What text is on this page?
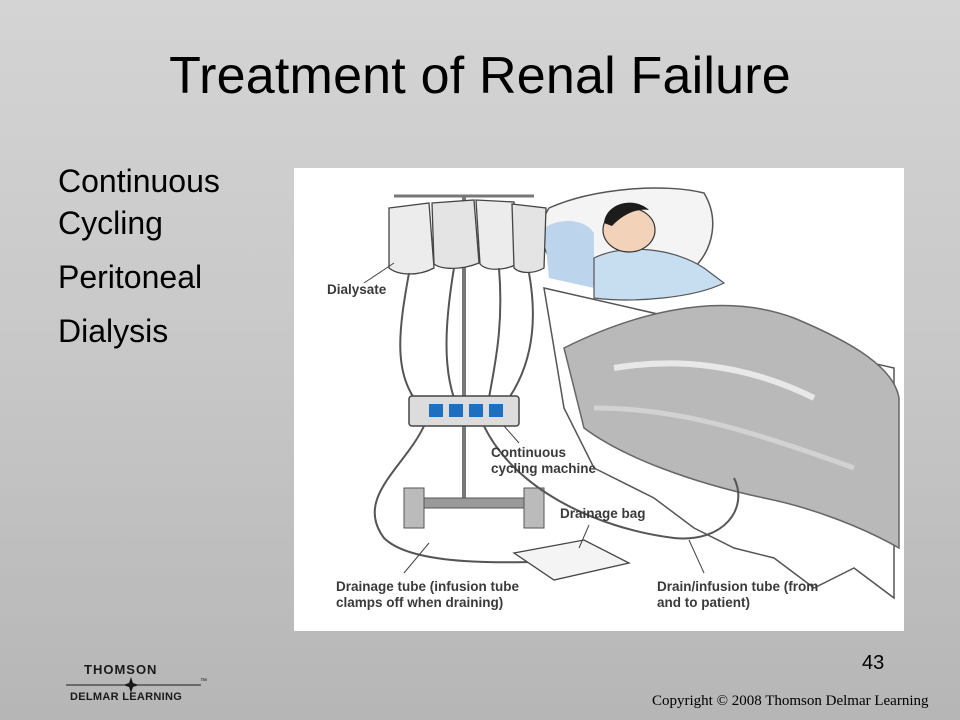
Treatment of Renal Failure
Continuous
Cycling
Peritoneal
Dialysis
Dialysate
Continuous
cycling machine
Drainage bag
Drainage tube (infusion tube
clamps off when draining)
Drain/infusion tube (from
and to patient)
43
THOMSON
™
DELMAR LEARNING	Copyright © 2008 Thomson Delmar Learning
